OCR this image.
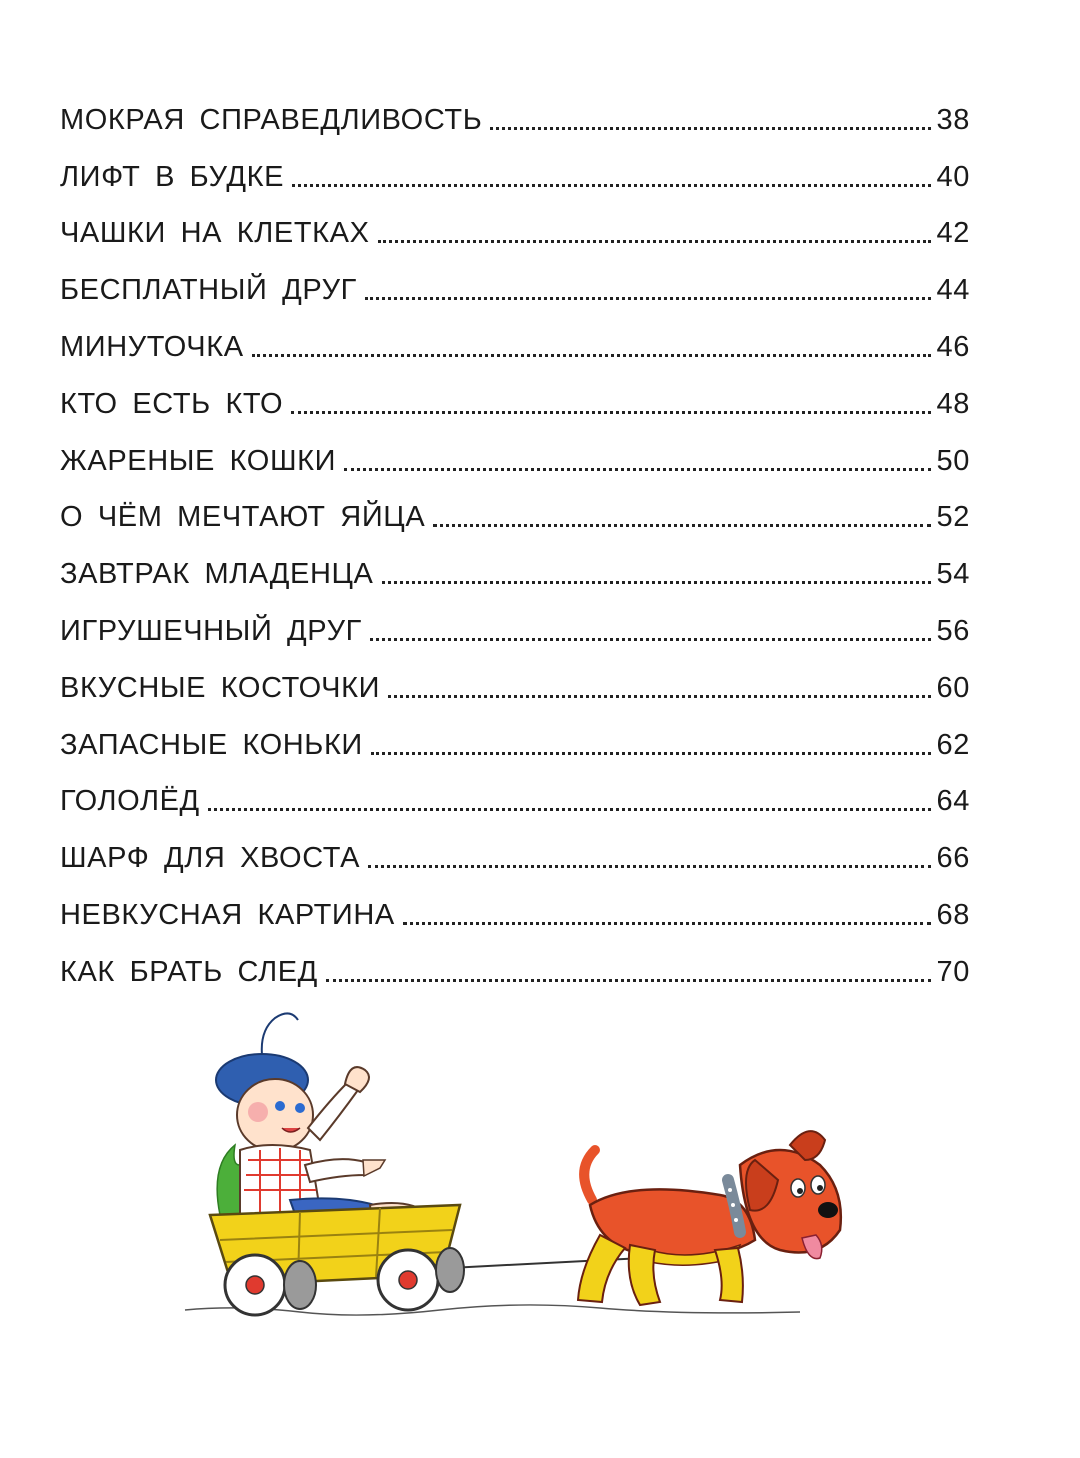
МОКРАЯ СПРАВЕДЛИВОСТЬ	38
ЛИФТ В БУДКЕ	40
ЧАШКИ НА КЛЕТКАХ	42
БЕСПЛАТНЫЙ ДРУГ	44
МИНУТОЧКА	46
КТО ЕСТЬ КТО	48
ЖАРЕНЫЕ КОШКИ	50
О ЧЁМ МЕЧТАЮТ ЯЙЦА	52
ЗАВТРАК МЛАДЕНЦА	54
ИГРУШЕЧНЫЙ ДРУГ	56
ВКУСНЫЕ КОСТОЧКИ	60
ЗАПАСНЫЕ КОНЬКИ	62
ГОЛОЛЁД	64
ШАРФ ДЛЯ ХВОСТА	66
НЕВКУСНАЯ КАРТИНА	68
КАК БРАТЬ СЛЕД	70
